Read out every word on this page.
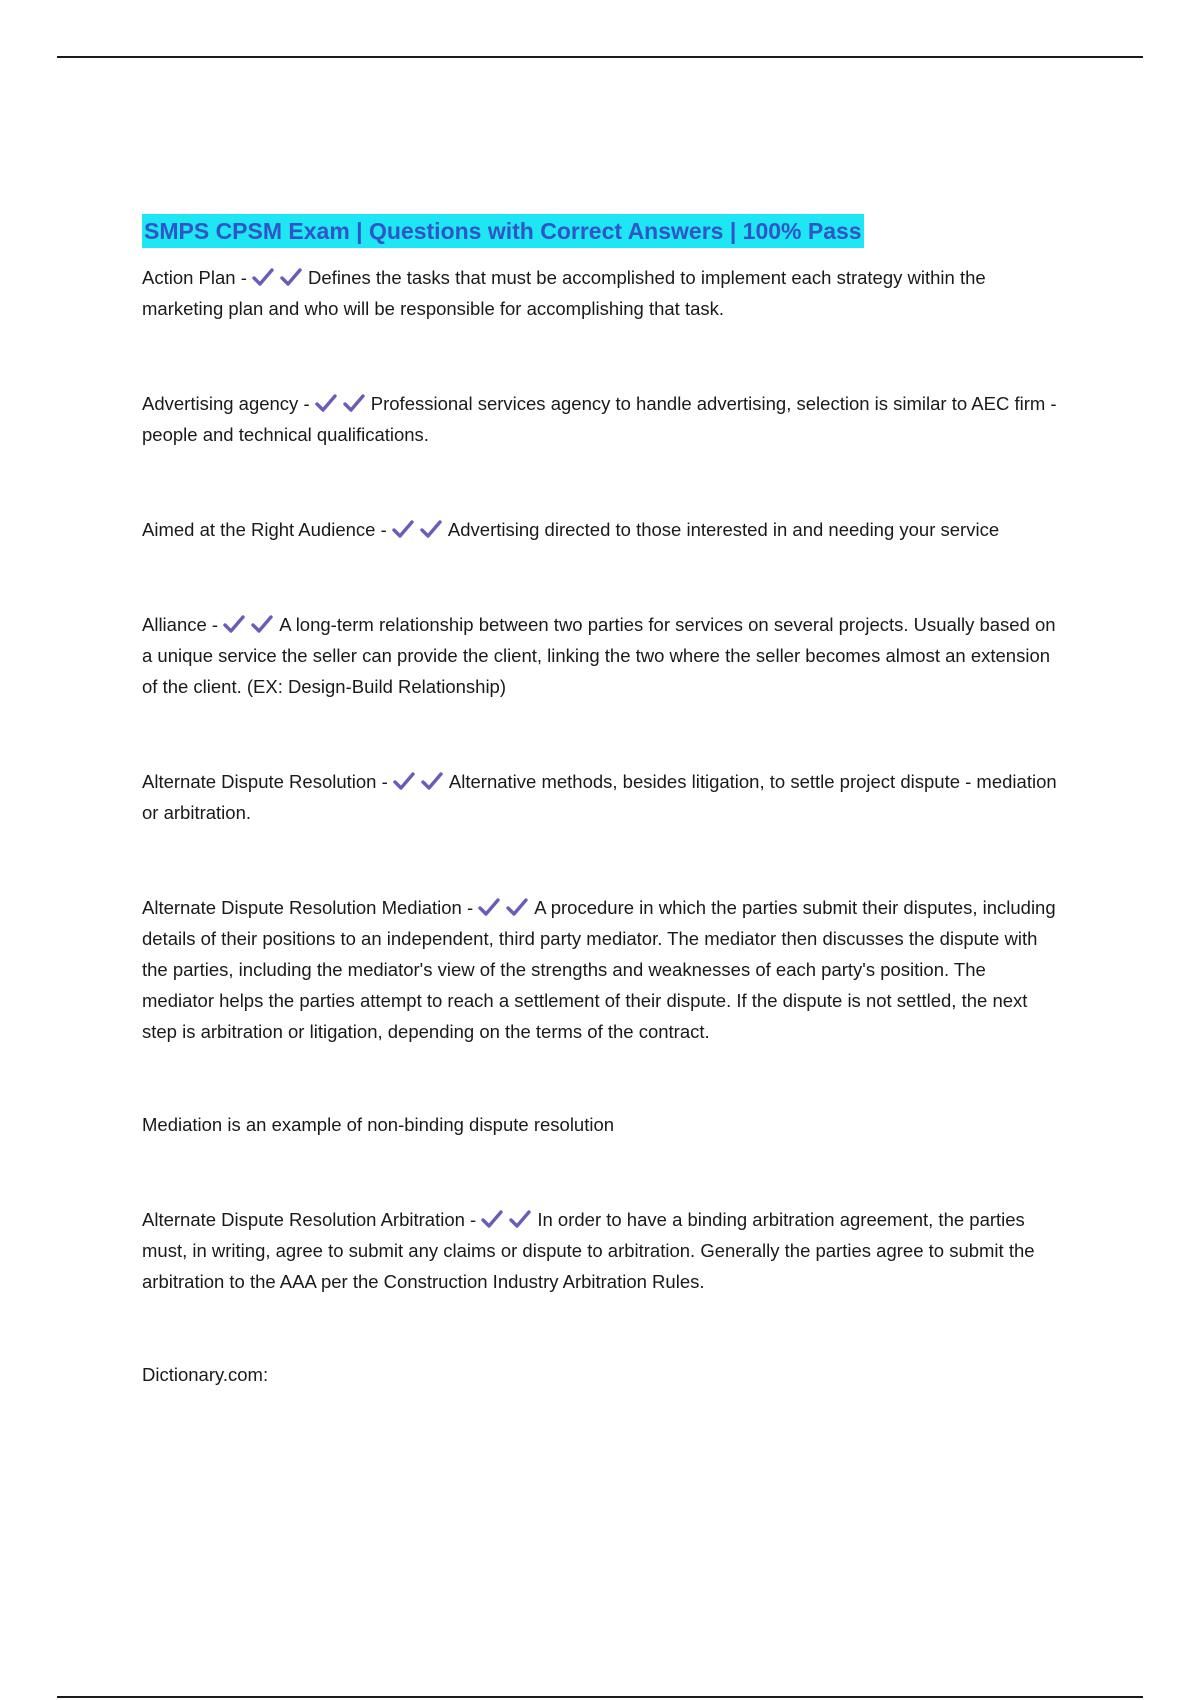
SMPS CPSM Exam | Questions with Correct Answers | 100% Pass

Action Plan -	Defines the tasks that must be accomplished to implement each strategy within the marketing plan and who will be responsible for accomplishing that task.

Advertising agency -	Professional services agency to handle advertising, selection is similar to AEC firm - people and technical qualifications.

Aimed at the Right Audience -	Advertising directed to those interested in and needing your service

Alliance -	A long-term relationship between two parties for services on several projects. Usually based on a unique service the seller can provide the client, linking the two where the seller becomes almost an extension of the client. (EX: Design-Build Relationship)

Alternate Dispute Resolution -	Alternative methods, besides litigation, to settle project dispute - mediation or arbitration.

Alternate Dispute Resolution Mediation -	A procedure in which the parties submit their disputes, including details of their positions to an independent, third party mediator. The mediator then discusses the dispute with the parties, including the mediator's view of the strengths and weaknesses of each party's position. The mediator helps the parties attempt to reach a settlement of their dispute. If the dispute is not settled, the next step is arbitration or litigation, depending on the terms of the contract.

Mediation is an example of non-binding dispute resolution

Alternate Dispute Resolution Arbitration -	In order to have a binding arbitration agreement, the parties must, in writing, agree to submit any claims or dispute to arbitration. Generally the parties agree to submit the arbitration to the AAA per the Construction Industry Arbitration Rules.

Dictionary.com:
